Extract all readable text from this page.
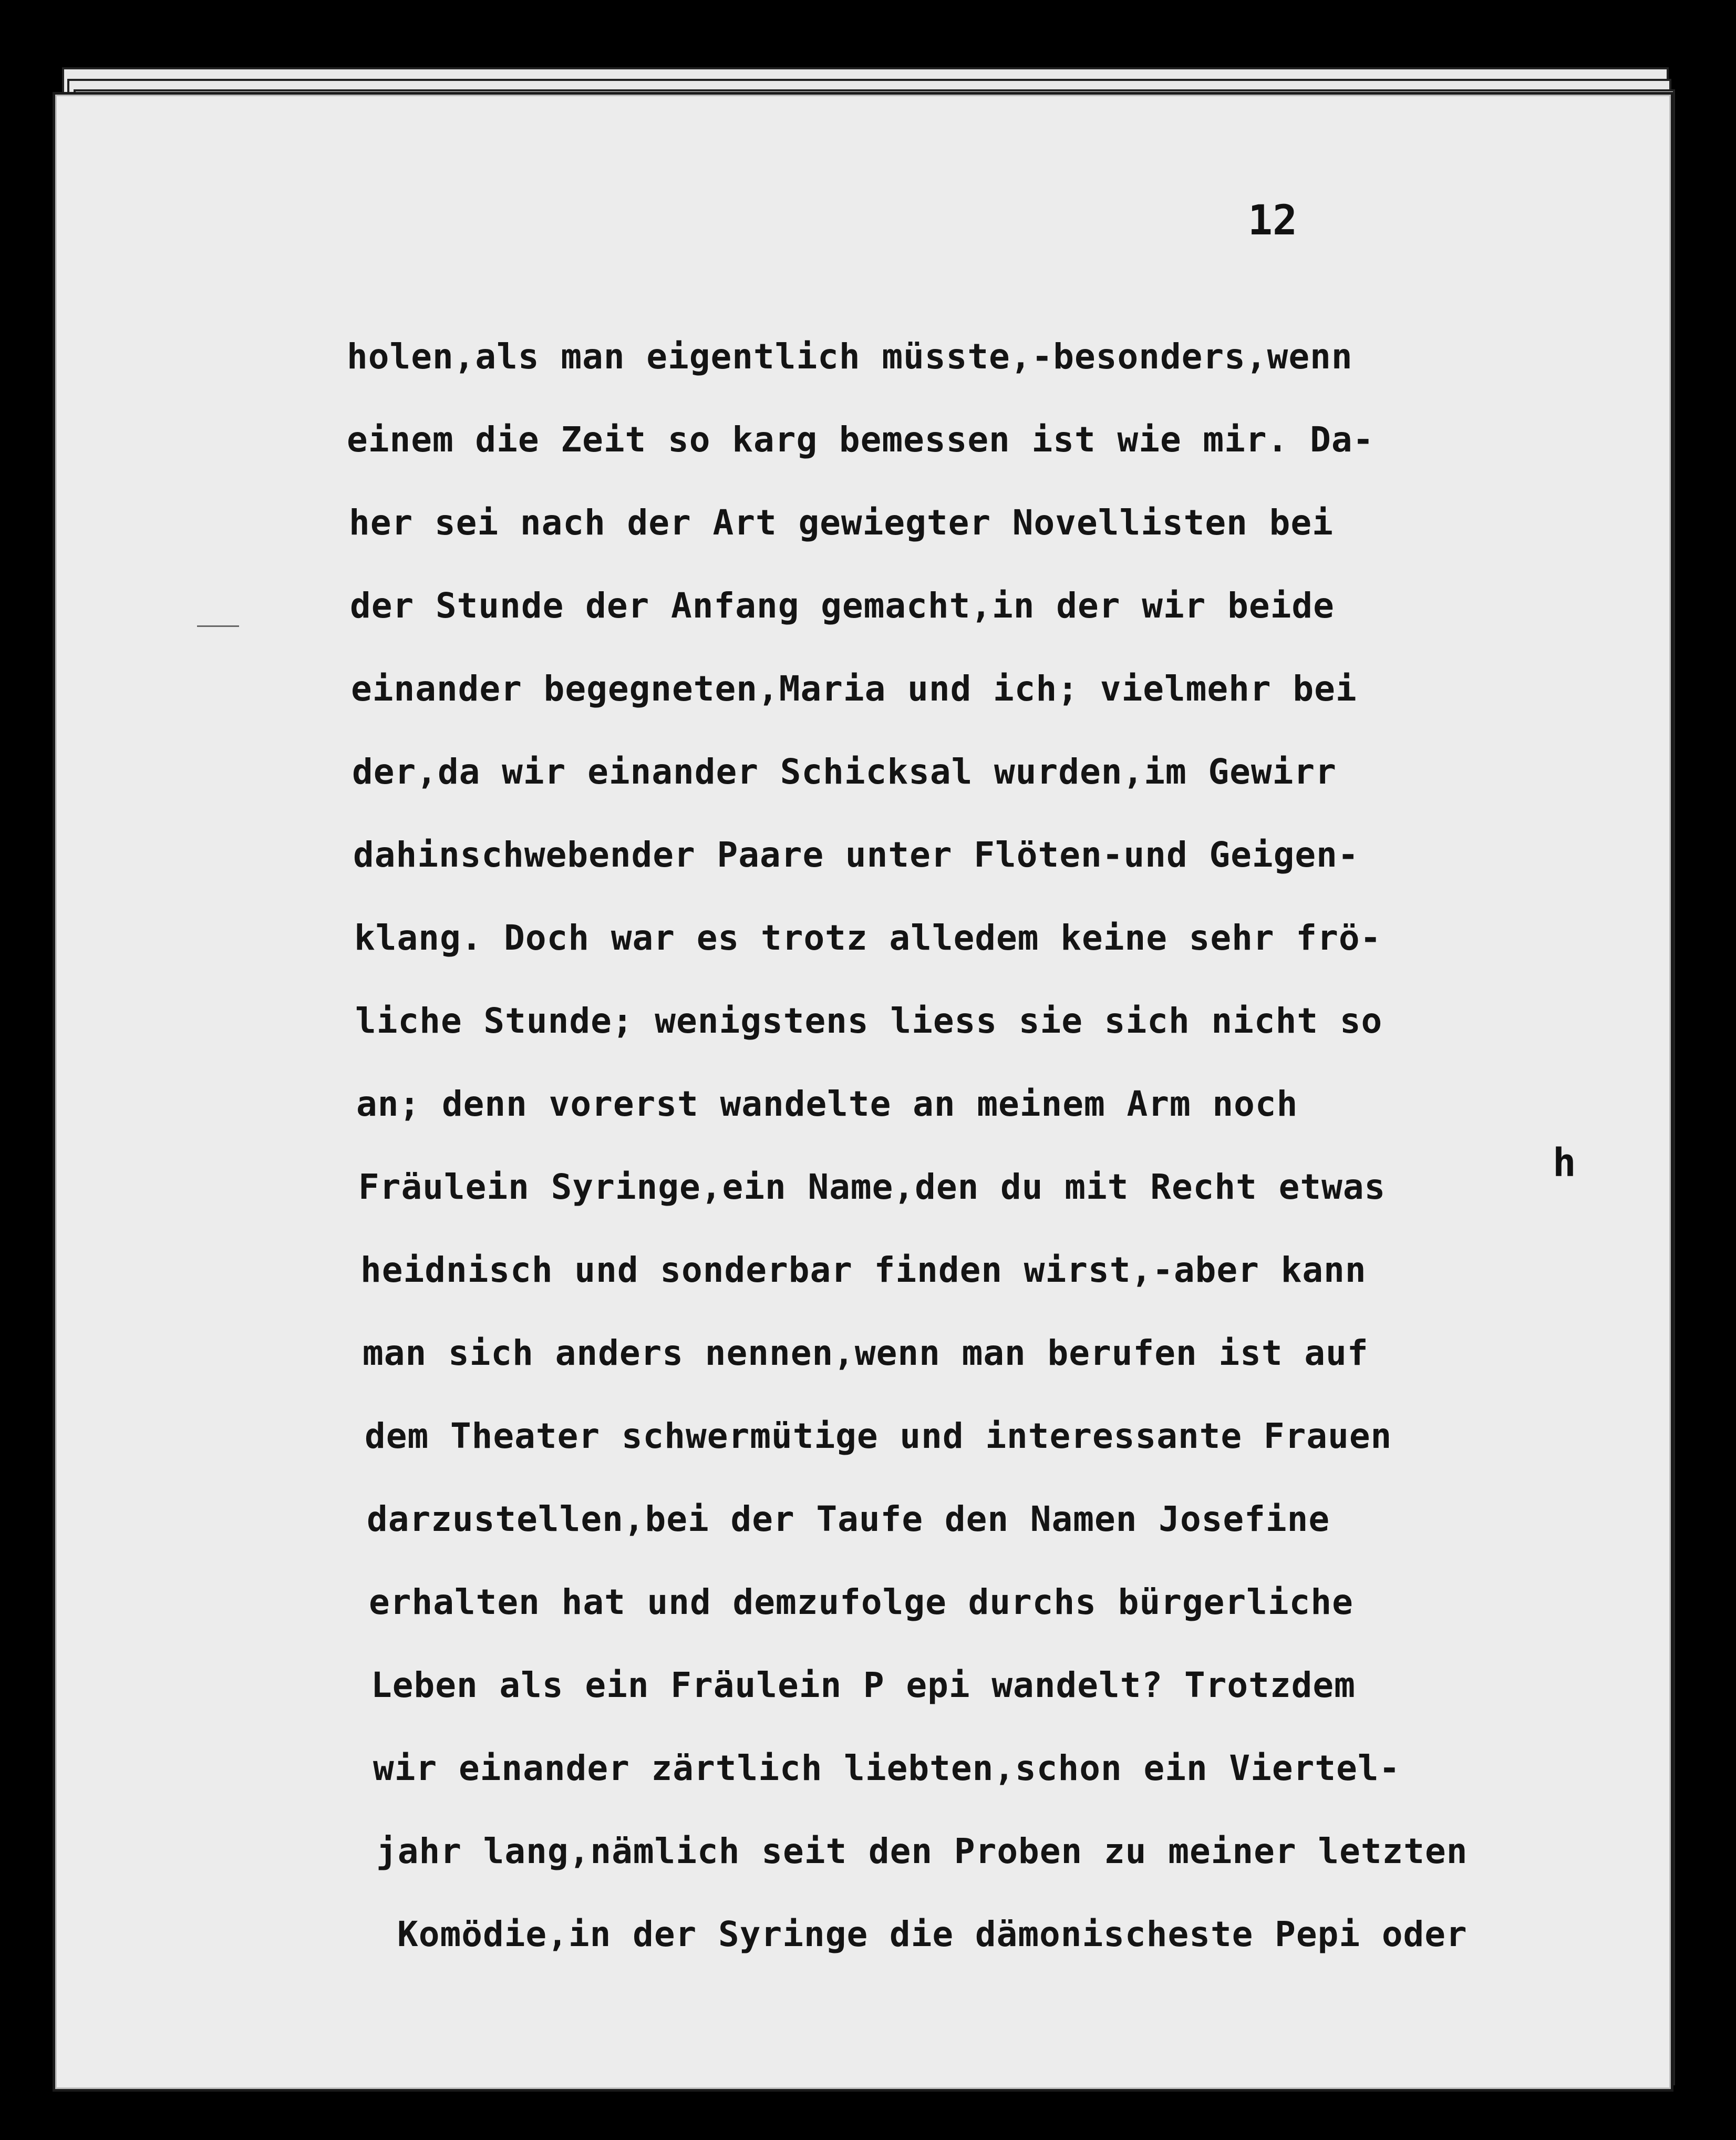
12

holen,als man eigentlich müsste,-besonders,wenn
einem die Zeit so karg bemessen ist wie mir. Da-
her sei nach der Art gewiegter Novellisten bei
der Stunde der Anfang gemacht,in der wir beide
einander begegneten,Maria und ich; vielmehr bei
der,da wir einander Schicksal wurden,im Gewirr
dahinschwebender Paare unter Flöten-und Geigen-
klang. Doch war es trotz alledem keine sehr frö-
liche Stunde; wenigstens liess sie sich nicht so
an; denn vorerst wandelte an meinem Arm noch
Fräulein Syringe,ein Name,den du mit Recht etwas
heidnisch und sonderbar finden wirst,-aber kann
man sich anders nennen,wenn man berufen ist auf
dem Theater schwermütige und interessante Frauen
darzustellen,bei der Taufe den Namen Josefine
erhalten hat und demzufolge durchs bürgerliche
Leben als ein Fräulein P epi wandelt? Trotzdem
wir einander zärtlich liebten,schon ein Viertel-
jahr lang,nämlich seit den Proben zu meiner letzten
Komödie,in der Syringe die dämonischeste Pepi oder
h
